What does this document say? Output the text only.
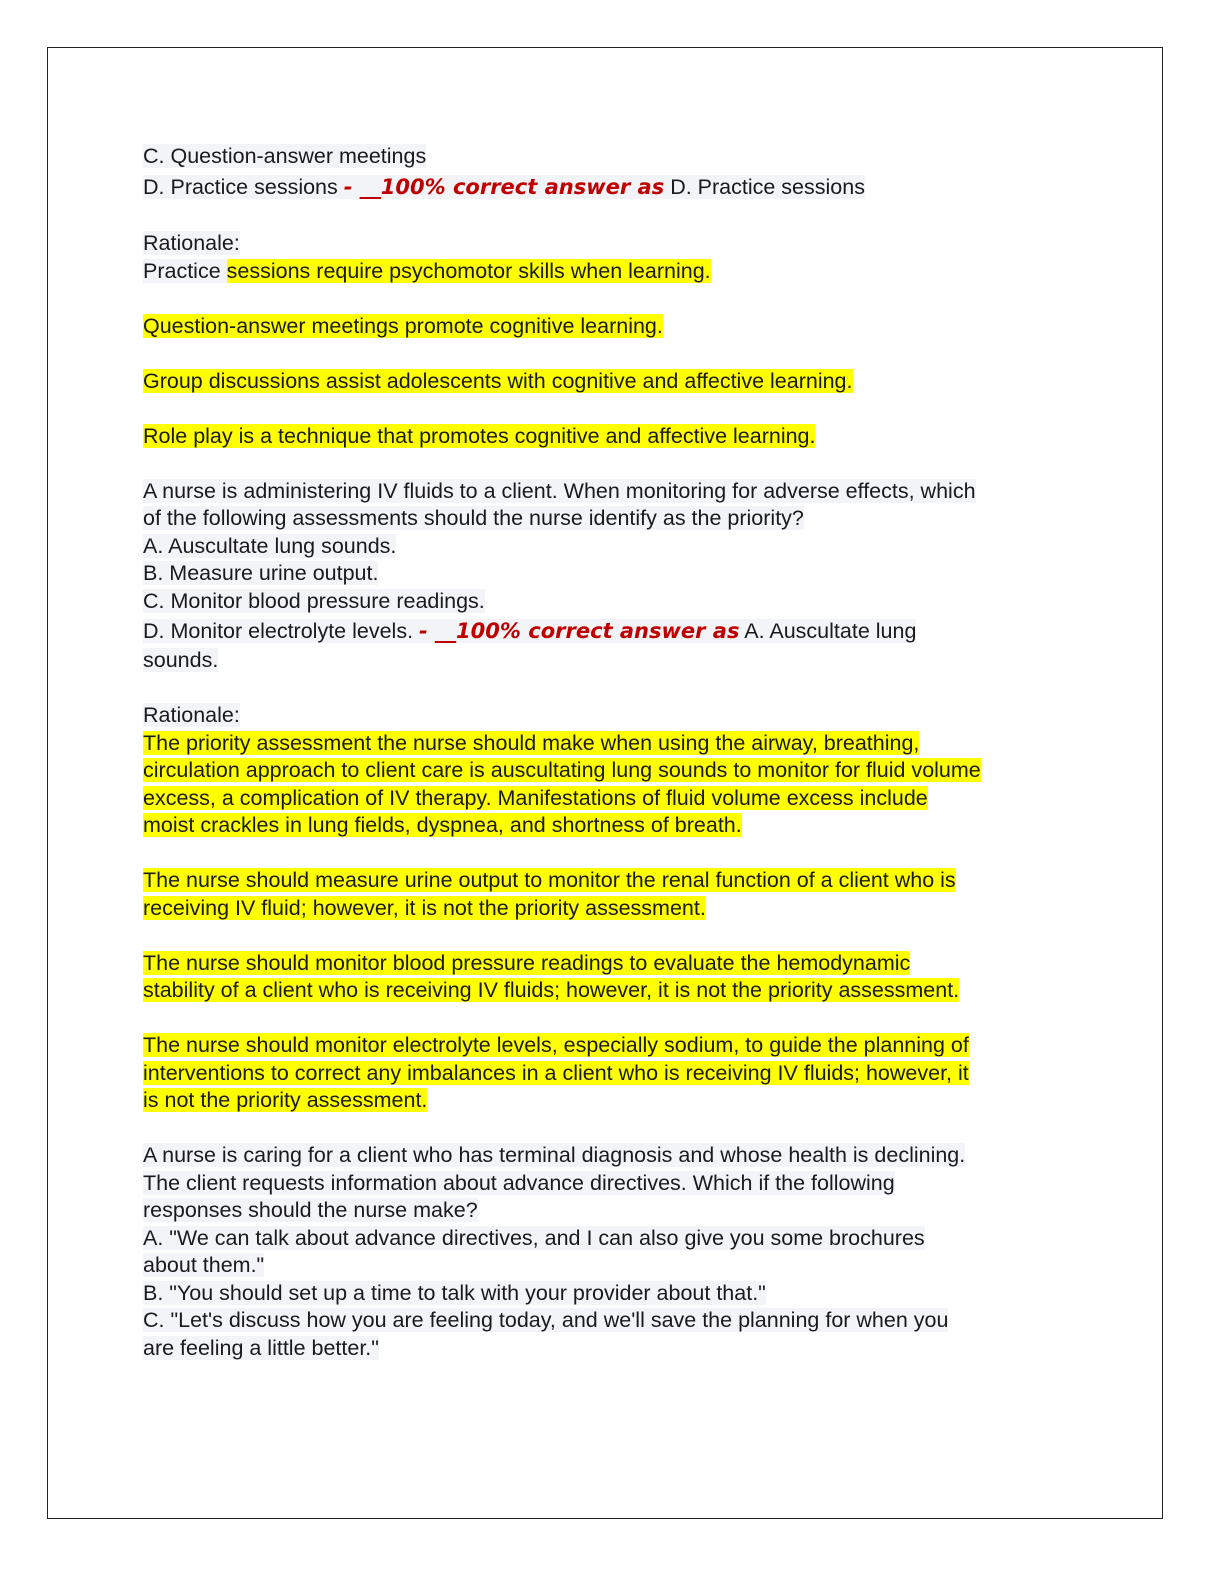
C. Question-answer meetings
D. Practice sessions - __100% correct answer as D. Practice sessions
Rationale:
Practice sessions require psychomotor skills when learning.
Question-answer meetings promote cognitive learning.
Group discussions assist adolescents with cognitive and affective learning.
Role play is a technique that promotes cognitive and affective learning.
A nurse is administering IV fluids to a client. When monitoring for adverse effects, which
of the following assessments should the nurse identify as the priority?
A. Auscultate lung sounds.
B. Measure urine output.
C. Monitor blood pressure readings.
D. Monitor electrolyte levels. - __100% correct answer as A. Auscultate lung
sounds.
Rationale:
The priority assessment the nurse should make when using the airway, breathing,
circulation approach to client care is auscultating lung sounds to monitor for fluid volume
excess, a complication of IV therapy. Manifestations of fluid volume excess include
moist crackles in lung fields, dyspnea, and shortness of breath.
The nurse should measure urine output to monitor the renal function of a client who is
receiving IV fluid; however, it is not the priority assessment.
The nurse should monitor blood pressure readings to evaluate the hemodynamic
stability of a client who is receiving IV fluids; however, it is not the priority assessment.
The nurse should monitor electrolyte levels, especially sodium, to guide the planning of
interventions to correct any imbalances in a client who is receiving IV fluids; however, it
is not the priority assessment.
A nurse is caring for a client who has terminal diagnosis and whose health is declining.
The client requests information about advance directives. Which if the following
responses should the nurse make?
A. "We can talk about advance directives, and I can also give you some brochures
about them."
B. "You should set up a time to talk with your provider about that."
C. "Let's discuss how you are feeling today, and we'll save the planning for when you
are feeling a little better."
